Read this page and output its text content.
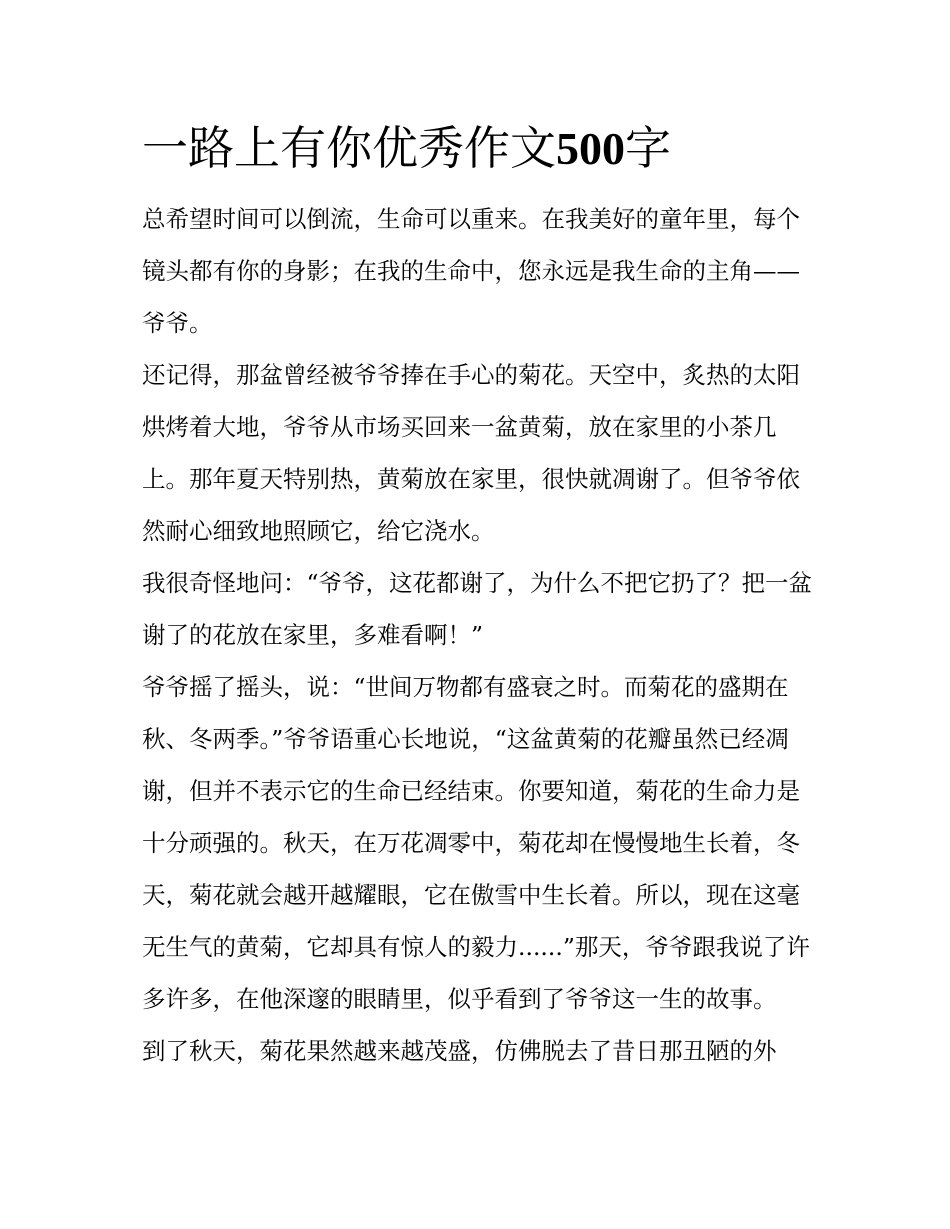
一路上有你优秀作文500字

总希望时间可以倒流，生命可以重来。在我美好的童年里，每个镜头都有你的身影；在我的生命中，您永远是我生命的主角——爷爷。

还记得，那盆曾经被爷爷捧在手心的菊花。天空中，炙热的太阳烘烤着大地，爷爷从市场买回来一盆黄菊，放在家里的小茶几上。那年夏天特别热，黄菊放在家里，很快就凋谢了。但爷爷依然耐心细致地照顾它，给它浇水。

我很奇怪地问：“爷爷，这花都谢了，为什么不把它扔了？把一盆谢了的花放在家里，多难看啊！”

爷爷摇了摇头，说：“世间万物都有盛衰之时。而菊花的盛期在秋、冬两季。”爷爷语重心长地说，“这盆黄菊的花瓣虽然已经凋谢，但并不表示它的生命已经结束。你要知道，菊花的生命力是十分顽强的。秋天，在万花凋零中，菊花却在慢慢地生长着，冬天，菊花就会越开越耀眼，它在傲雪中生长着。所以，现在这毫无生气的黄菊，它却具有惊人的毅力......”那天，爷爷跟我说了许多许多，在他深邃的眼睛里，似乎看到了爷爷这一生的故事。

到了秋天，菊花果然越来越茂盛，仿佛脱去了昔日那丑陋的外
